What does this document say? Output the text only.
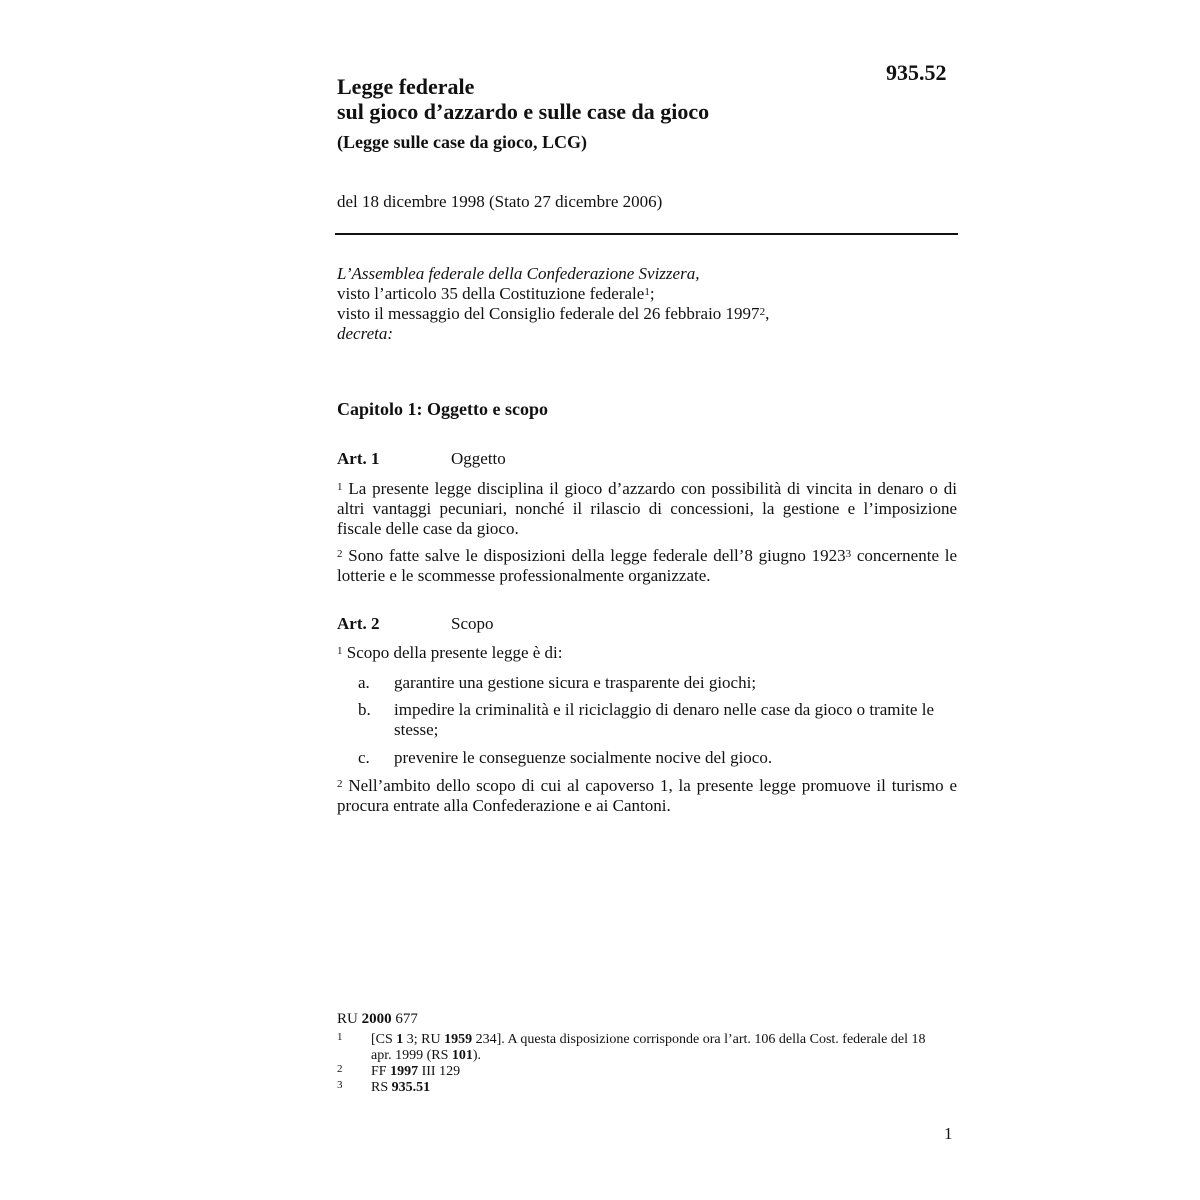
935.52

Legge federale

sul gioco d’azzardo e sulle case da gioco

(Legge sulle case da gioco, LCG)
del 18 dicembre 1998 (Stato 27 dicembre 2006)
L’Assemblea federale della Confederazione Svizzera,
visto l’articolo 35 della Costituzione federale$^1$;
visto il messaggio del Consiglio federale del 26 febbraio 1997$^2$,
decreta:
Capitolo 1: Oggetto e scopo
Art. 1	Oggetto
$^1$ La presente legge disciplina il gioco d’azzardo con possibilità di vincita in denaro o di altri vantaggi pecuniari, nonché il rilascio di concessioni, la gestione e l’imposizione fiscale delle case da gioco.
$^2$ Sono fatte salve le disposizioni della legge federale dell’8 giugno 1923$^3$ concernente le lotterie e le scommesse professionalmente organizzate.
Art. 2	Scopo
$^1$ Scopo della presente legge è di:
a. garantire una gestione sicura e trasparente dei giochi;
b. impedire la criminalità e il riciclaggio di denaro nelle case da gioco o tramite le stesse;
c. prevenire le conseguenze socialmente nocive del gioco.
$^2$ Nell’ambito dello scopo di cui al capoverso 1, la presente legge promuove il turismo e procura entrate alla Confederazione e ai Cantoni.
RU 2000 677
1 [CS 1 3; RU 1959 234]. A questa disposizione corrisponde ora l’art. 106 della Cost. federale del 18 apr. 1999 (RS 101).
2 FF 1997 III 129
3 RS 935.51
1
